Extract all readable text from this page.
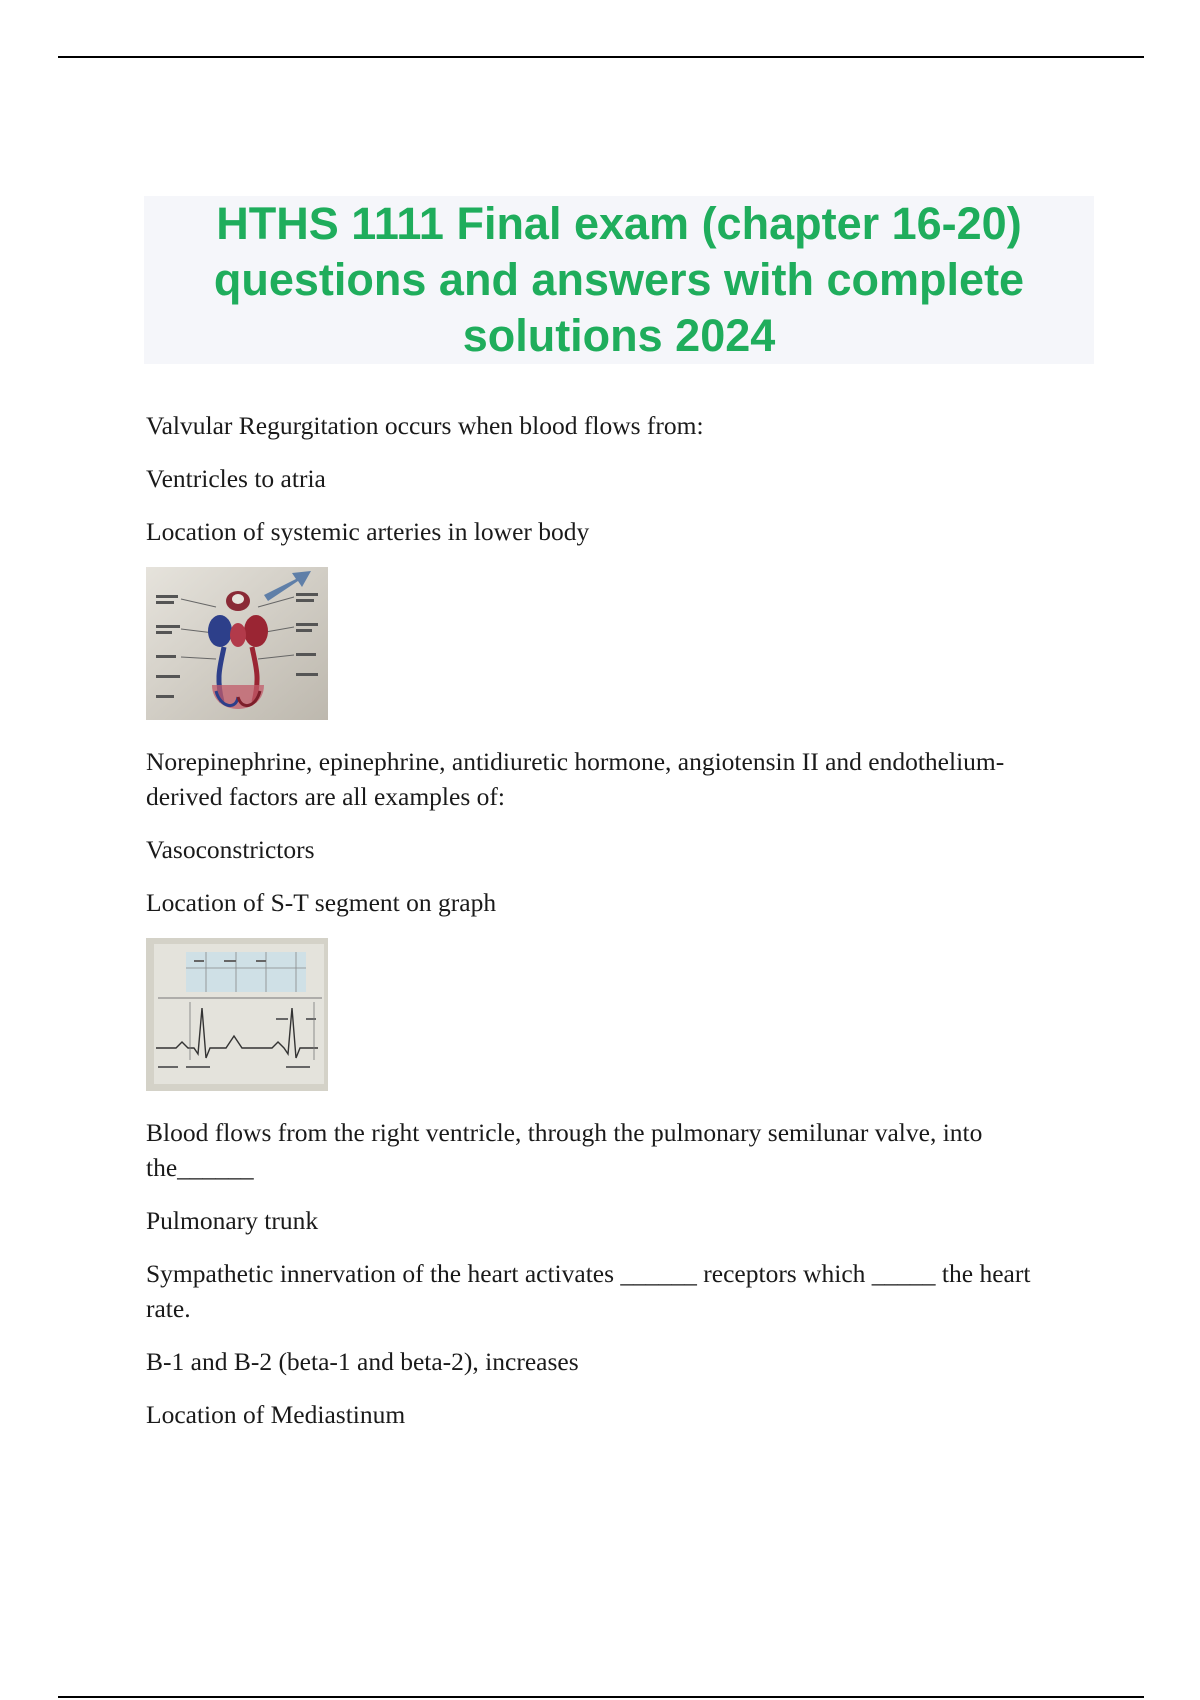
HTHS 1111 Final exam (chapter 16-20) questions and answers with complete solutions 2024

Valvular Regurgitation occurs when blood flows from:

Ventricles to atria

Location of systemic arteries in lower body

Norepinephrine, epinephrine, antidiuretic hormone, angiotensin II and endothelium-derived factors are all examples of:

Vasoconstrictors

Location of S-T segment on graph

Blood flows from the right ventricle, through the pulmonary semilunar valve, into the______

Pulmonary trunk

Sympathetic innervation of the heart activates ______ receptors which _____ the heart rate.

B-1 and B-2 (beta-1 and beta-2), increases

Location of Mediastinum
